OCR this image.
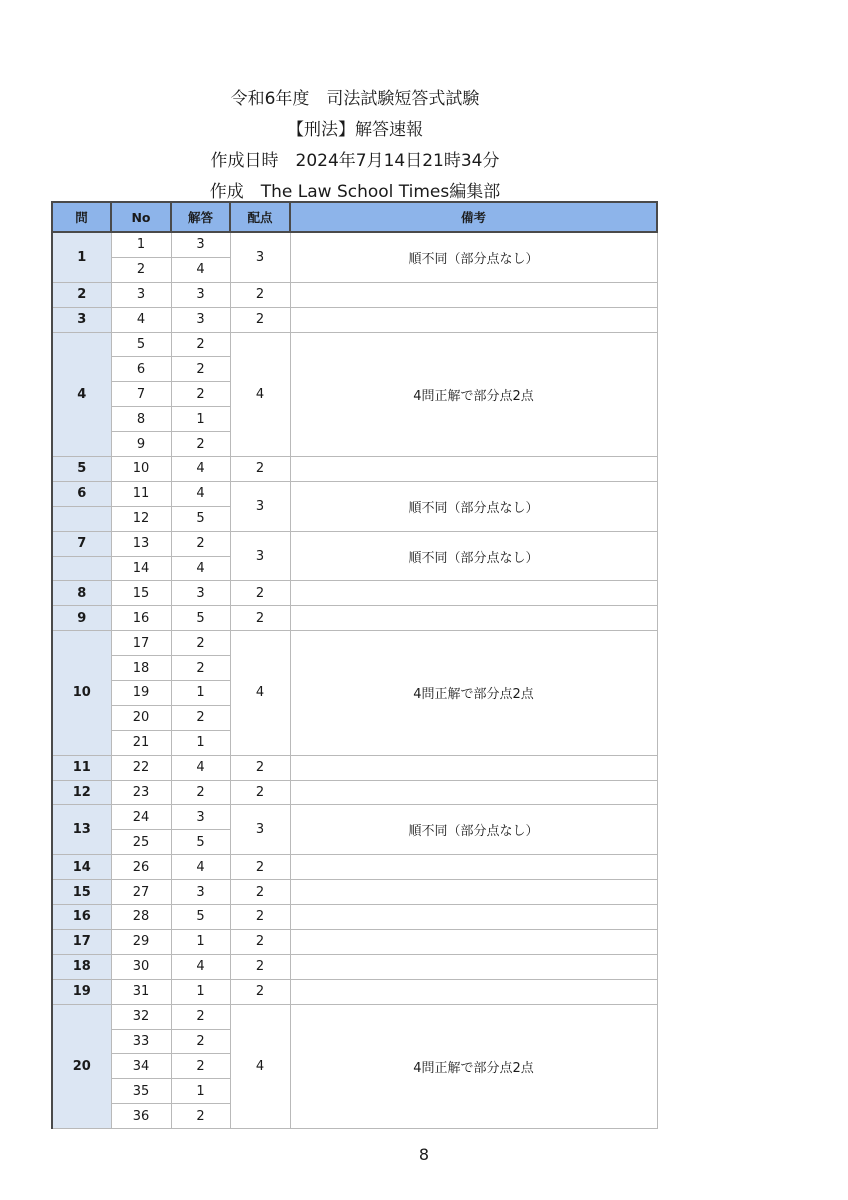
令和6年度　司法試験短答式試験
【刑法】解答速報
作成日時　2024年7月14日21時34分
作成　The Law School Times編集部
問	No	解答	配点	備考
1	1	3	3	順不同（部分点なし）
	2	4		
2	3	3	2	
3	4	3	2	
4	5	2	4	4問正解で部分点2点
	6	2		
	7	2		
	8	1		
	9	2		
5	10	4	2	
6	11	4	3	順不同（部分点なし）
	12	5		
7	13	2	3	順不同（部分点なし）
	14	4		
8	15	3	2	
9	16	5	2	
10	17	2	4	4問正解で部分点2点
	18	2		
	19	1		
	20	2		
	21	1		
11	22	4	2	
12	23	2	2	
13	24	3	3	順不同（部分点なし）
	25	5		
14	26	4	2	
15	27	3	2	
16	28	5	2	
17	29	1	2	
18	30	4	2	
19	31	1	2	
20	32	2	4	4問正解で部分点2点
	33	2		
	34	2		
	35	1		
	36	2		
8
